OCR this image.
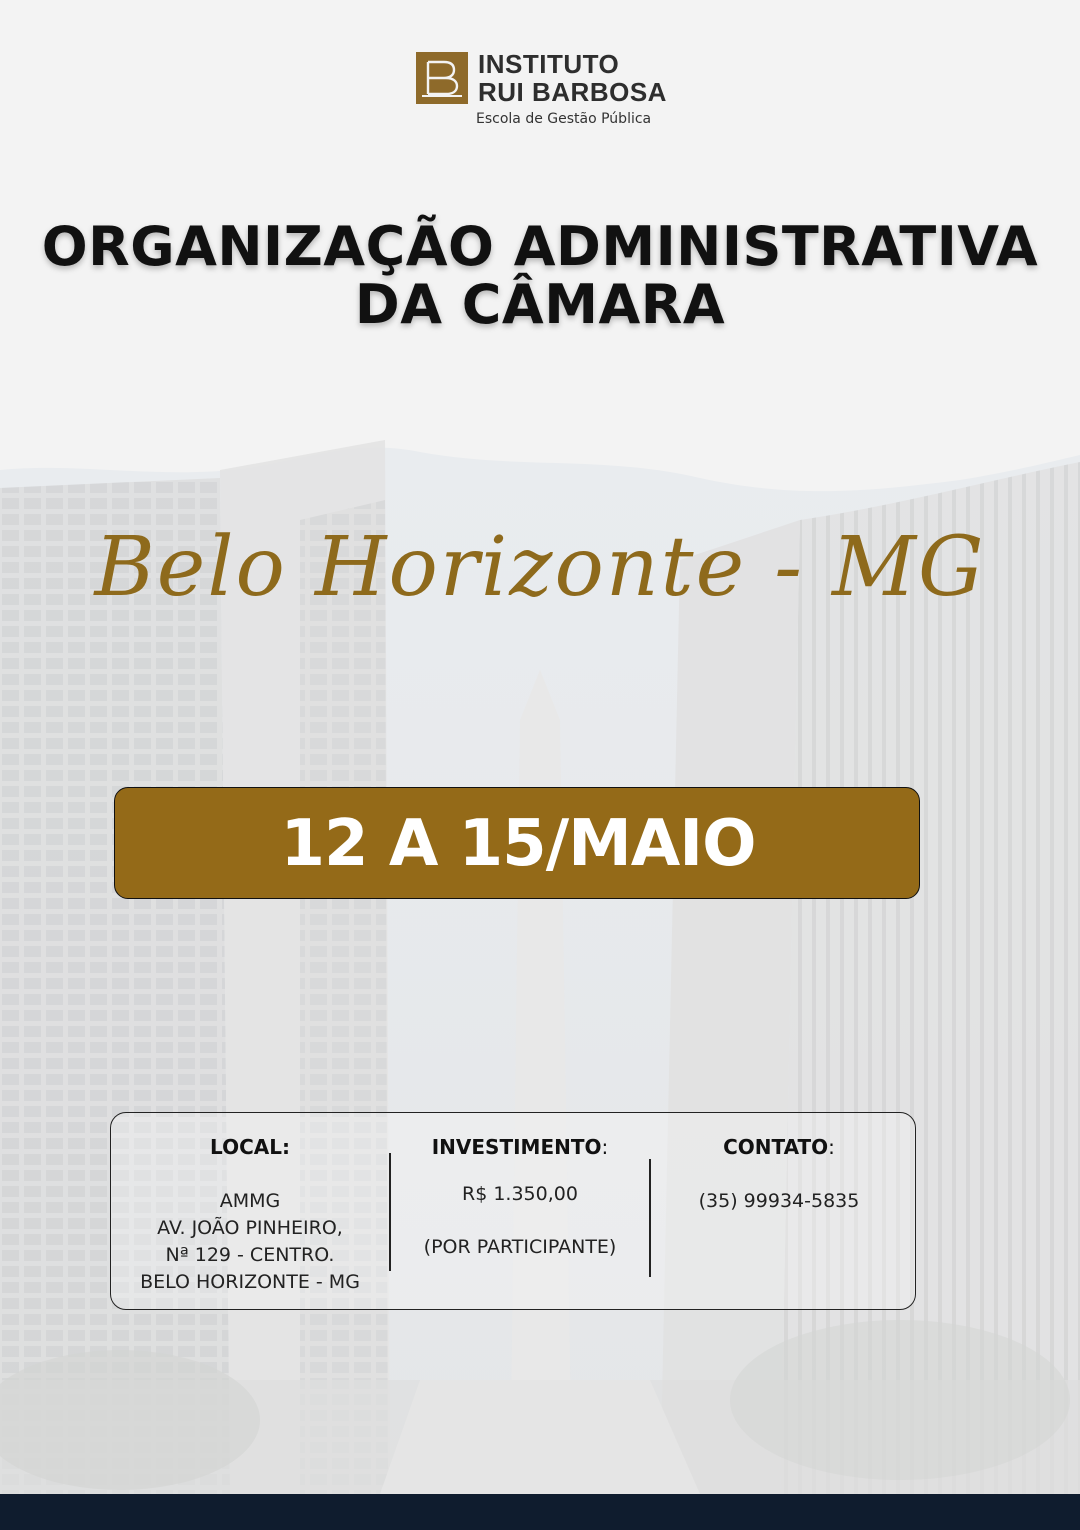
INSTITUTO
RUI BARBOSA
Escola de Gestão Pública
ORGANIZAÇÃO ADMINISTRATIVA
DA CÂMARA
Belo Horizonte - MG
12 A 15/MAIO
LOCAL:
AMMG
AV. JOÃO PINHEIRO,
Nª 129 - CENTRO.
BELO HORIZONTE - MG
INVESTIMENTO:
R$ 1.350,00
(POR PARTICIPANTE)
CONTATO:
(35) 99934-5835
